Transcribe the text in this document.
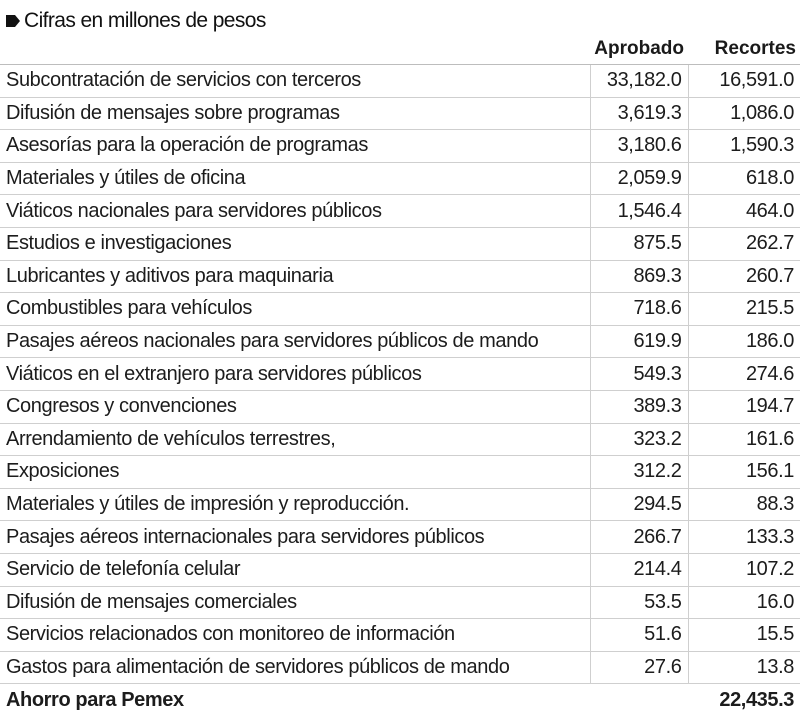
Cifras en millones de pesos
	Aprobado	Recortes
Subcontratación de servicios con terceros	33,182.0	16,591.0
Difusión de mensajes sobre programas	3,619.3	1,086.0
Asesorías para la operación de programas	3,180.6	1,590.3
Materiales y útiles de oficina	2,059.9	618.0
Viáticos nacionales para servidores públicos	1,546.4	464.0
Estudios e investigaciones	875.5	262.7
Lubricantes y aditivos para maquinaria	869.3	260.7
Combustibles para vehículos	718.6	215.5
Pasajes aéreos nacionales para servidores públicos de mando	619.9	186.0
Viáticos en el extranjero para servidores públicos	549.3	274.6
Congresos y convenciones	389.3	194.7
Arrendamiento de vehículos terrestres,	323.2	161.6
Exposiciones	312.2	156.1
Materiales y útiles de impresión y reproducción.	294.5	88.3
Pasajes aéreos internacionales para servidores públicos	266.7	133.3
Servicio de telefonía celular	214.4	107.2
Difusión de mensajes comerciales	53.5	16.0
Servicios relacionados con monitoreo de información	51.6	15.5
Gastos para alimentación de servidores públicos de mando	27.6	13.8
Ahorro para Pemex		22,435.3
